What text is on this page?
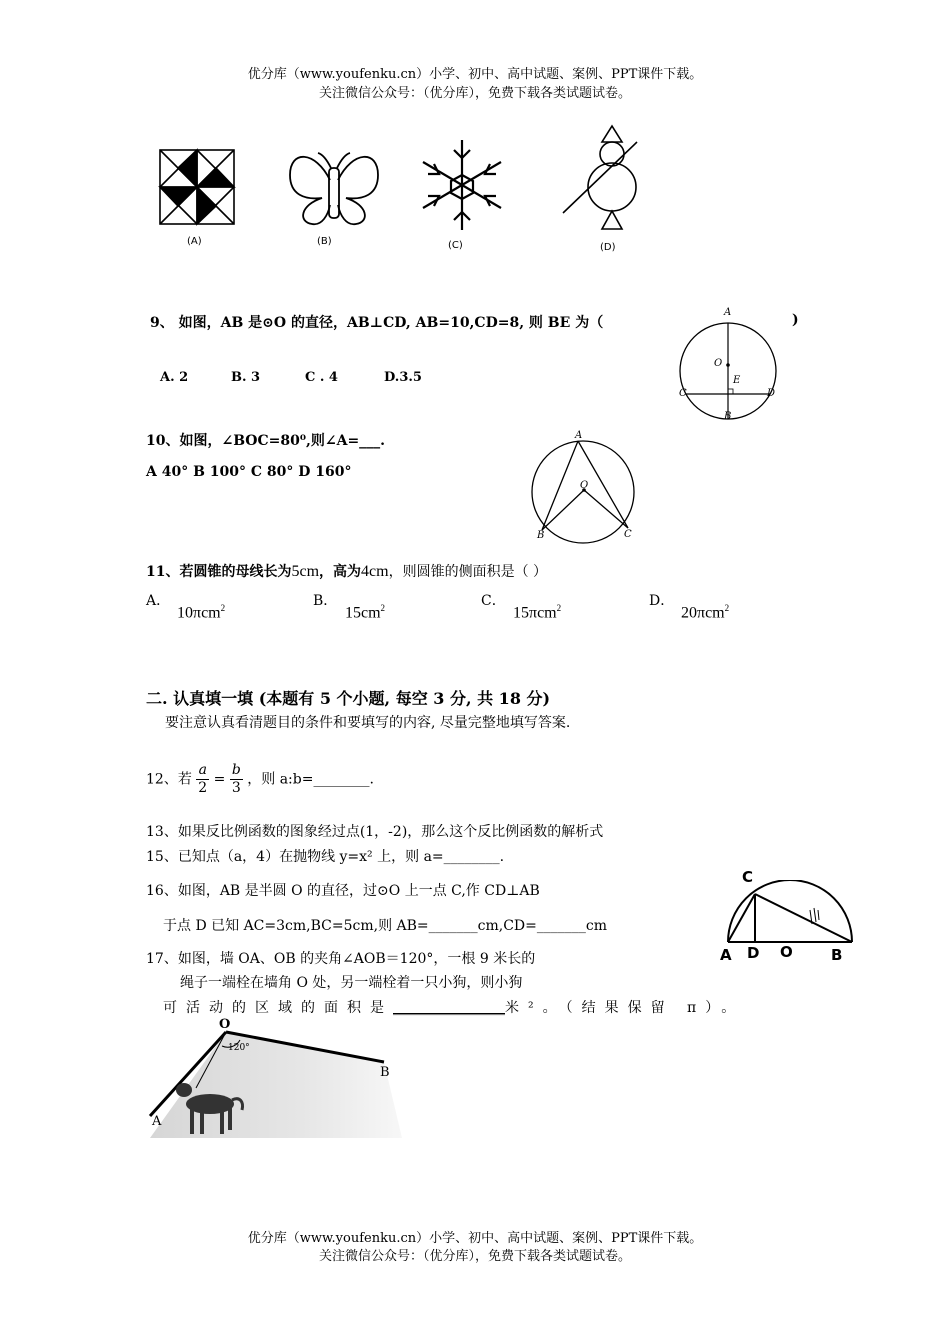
优分库（www.youfenku.cn）小学、初中、高中试题、案例、PPT课件下载。
关注微信公众号：（优分库），免费下载各类试题试卷。
(A)	(B)	(C)	(D)
9、 如图，AB 是⊙O 的直径，AB⊥CD, AB=10,CD=8, 则 BE 为（	)
A. 2	B. 3	C . 4	D.3.5
A
O
E
C	D
B
10、如图，∠BOC=80⁰,则∠A=___.
A 40° B 100° C 80° D 160°
A
O
B	C
11、若圆锥的母线长为5cm，高为4cm，则圆锥的侧面积是（ ）
A．
10πcm$^2$	B．
$15cm^2$	C．
15πcm$^2$	D．
20πcm$^2$
二. 认真填一填 (本题有 5 个小题, 每空 3 分, 共 18 分)
要注意认真看清题目的条件和要填写的内容, 尽量完整地填写答案.
12、若 $\frac{a}{2} = \frac{b}{3}$ ，则 a:b=________.
13、如果反比例函数的图象经过点(1，-2)，那么这个反比例函数的解析式
15、已知点（a，4）在抛物线 y=x² 上，则 a=________.
16、如图，AB 是半圆 O 的直径，过⊙O 上一点 C,作 CD⊥AB
于点 D 已知 AC=3cm,BC=5cm,则 AB=_______cm,CD=_______cm
C
A D O	B
17、如图，墙 OA、OB 的夹角∠AOB＝120°，一根 9 米长的
绳子一端栓在墙角 O 处，另一端栓着一只小狗，则小狗
可活动的区域的面积是________________米²。（结果保留 π）。
O
120°
B
A
优分库（www.youfenku.cn）小学、初中、高中试题、案例、PPT课件下载。
关注微信公众号：（优分库），免费下载各类试题试卷。
